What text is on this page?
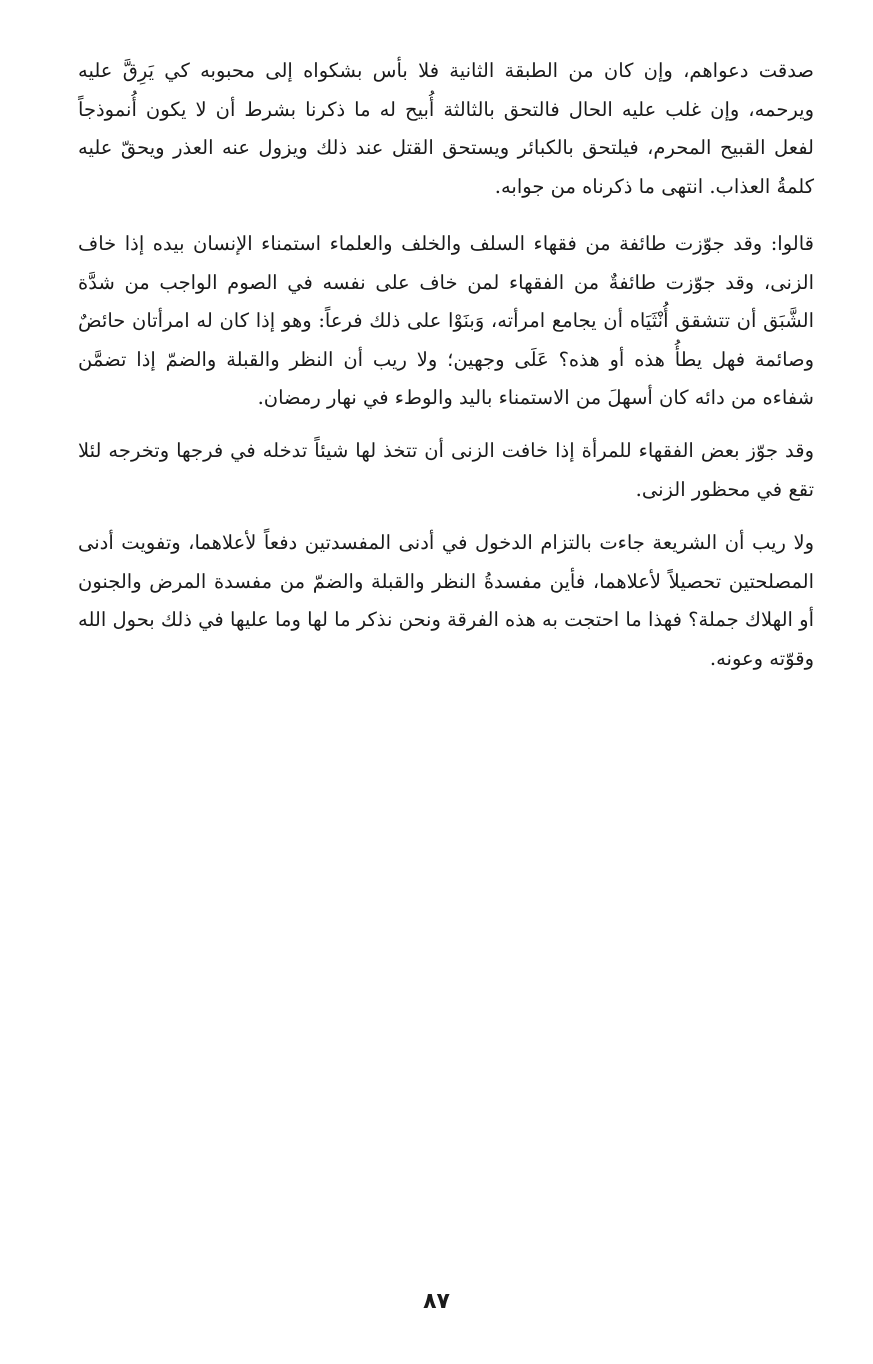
صدقت دعواهم، وإن كان من الطبقة الثانية فلا بأس بشكواه إلى محبوبه كي يَرِقَّ عليه ويرحمه، وإن غلب عليه الحال فالتحق بالثالثة أُبيح له ما ذكرنا بشرط أن لا يكون أُنموذجاً لفعل القبيح المحرم، فيلتحق بالكبائر ويستحق القتل عند ذلك ويزول عنه العذر ويحقّ عليه كلمةُ العذاب. انتهى ما ذكرناه من جوابه.

قالوا: وقد جوّزت طائفة من فقهاء السلف والخلف والعلماء استمناء الإنسان بيده إذا خاف الزنى، وقد جوّزت طائفةٌ من الفقهاء لمن خاف على نفسه في الصوم الواجب من شدَّة الشَّبَق أن تتشقق أُنْثَيَاه أن يجامع امرأته، وَبنَوْا على ذلك فرعاً: وهو إذا كان له امرأتان حائضٌ وصائمة فهل يطأُ هذه أو هذه؟ عَلَى وجهين؛ ولا ريب أن النظر والقبلة والضمّ إذا تضمَّن شفاءه من دائه كان أسهلَ من الاستمناء باليد والوطء في نهار رمضان.

وقد جوّز بعض الفقهاء للمرأة إذا خافت الزنى أن تتخذ لها شيئاً تدخله في فرجها وتخرجه لئلا تقع في محظور الزنى.

ولا ريب أن الشريعة جاءت بالتزام الدخول في أدنى المفسدتين دفعاً لأعلاهما، وتفويت أدنى المصلحتين تحصيلاً لأعلاهما، فأين مفسدةُ النظر والقبلة والضمّ من مفسدة المرض والجنون أو الهلاك جملة؟ فهذا ما احتجت به هذه الفرقة ونحن نذكر ما لها وما عليها في ذلك بحول الله وقوّته وعونه.

٨٧
